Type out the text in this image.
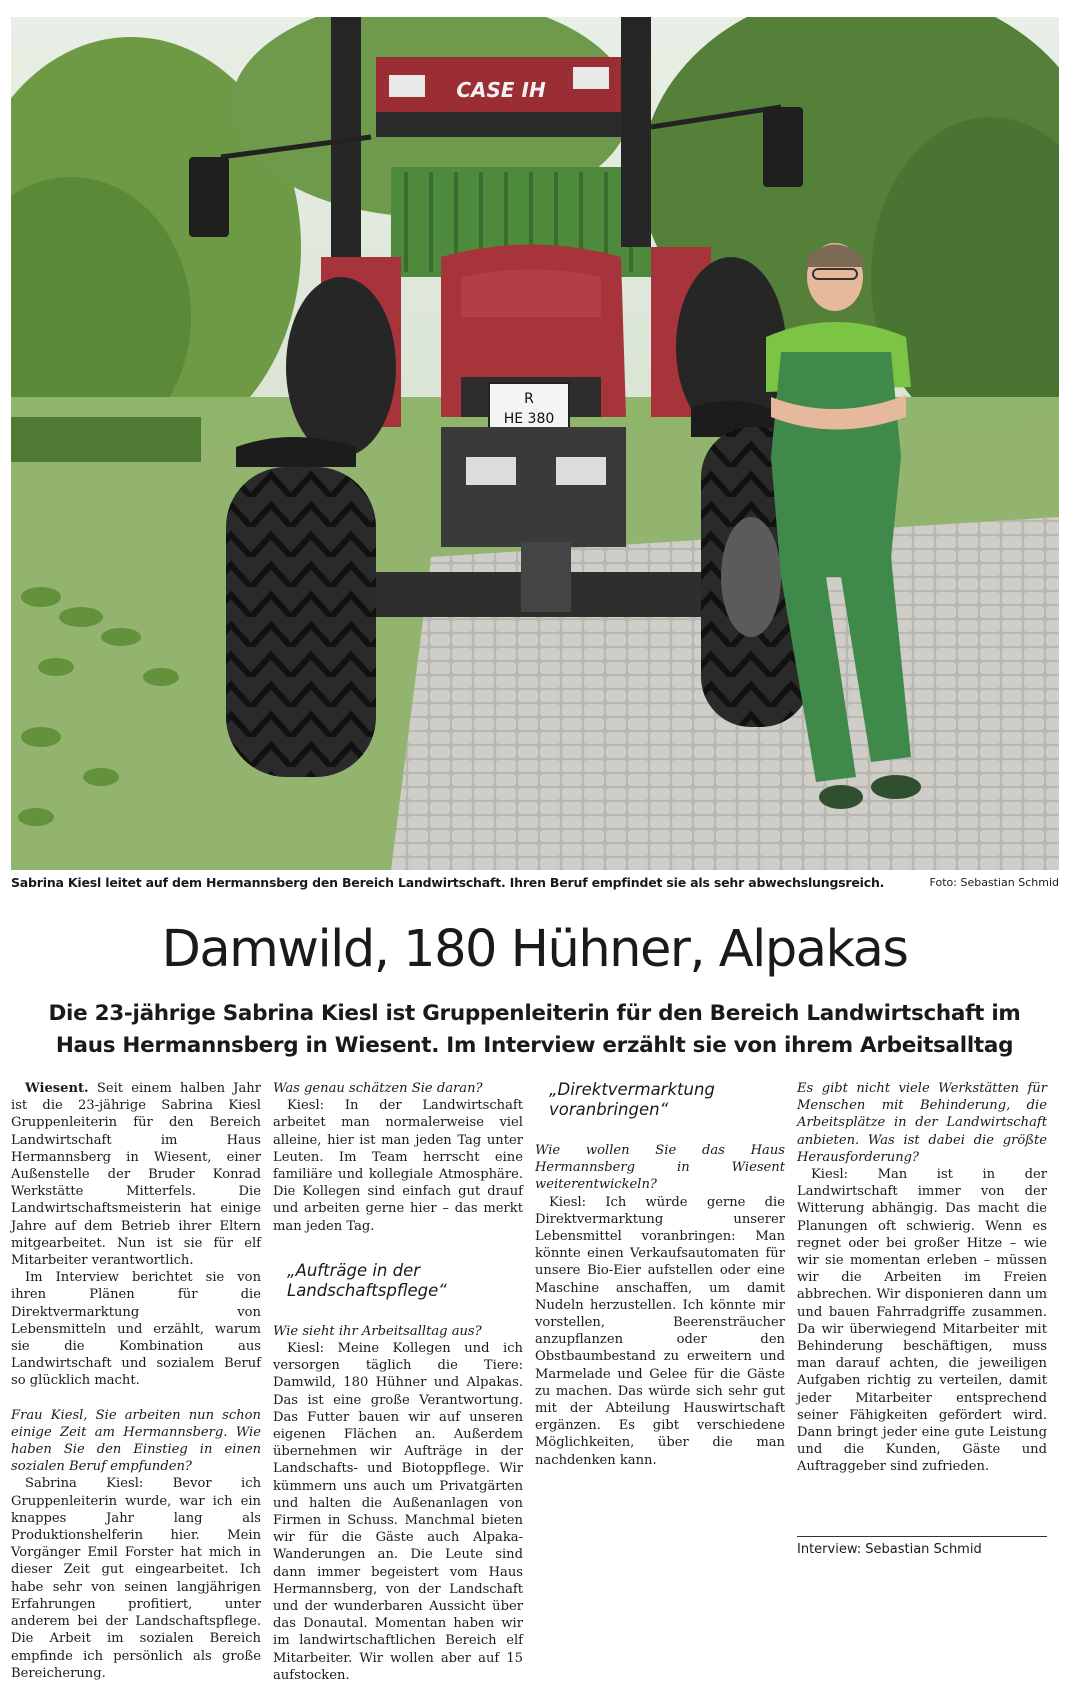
CASE IH
R
HE 380
Sabrina Kiesl leitet auf dem Hermannsberg den Bereich Landwirtschaft. Ihren Beruf empfindet sie als sehr abwechslungsreich.	Foto: Sebastian Schmid
Damwild, 180 Hühner, Alpakas
Die 23-jährige Sabrina Kiesl ist Gruppenleiterin für den Bereich Landwirtschaft im Haus Hermannsberg in Wiesent. Im Interview erzählt sie von ihrem Arbeitsalltag

Wiesent. Seit einem halben Jahr ist die 23-jährige Sabrina Kiesl Gruppenleiterin für den Bereich Landwirtschaft im Haus Hermannsberg in Wiesent, einer Außenstelle der Bruder Konrad Werkstätte Mitterfels. Die Landwirtschaftsmeisterin hat einige Jahre auf dem Betrieb ihrer Eltern mitgearbeitet. Nun ist sie für elf Mitarbeiter verantwortlich.

Im Interview berichtet sie von ihren Plänen für die Direktvermarktung von Lebensmitteln und erzählt, warum sie die Kombination aus Landwirtschaft und sozialem Beruf so glücklich macht.

Frau Kiesl, Sie arbeiten nun schon einige Zeit am Hermannsberg. Wie haben Sie den Einstieg in einen sozialen Beruf empfunden?

Sabrina Kiesl: Bevor ich Gruppenleiterin wurde, war ich ein knappes Jahr lang als Produktionshelferin hier. Mein Vorgänger Emil Forster hat mich in dieser Zeit gut eingearbeitet. Ich habe sehr von seinen langjährigen Erfahrungen profitiert, unter anderem bei der Landschaftspflege. Die Arbeit im sozialen Bereich empfinde ich persönlich als große Bereicherung.

Was genau schätzen Sie daran?

Kiesl: In der Landwirtschaft arbeitet man normalerweise viel alleine, hier ist man jeden Tag unter Leuten. Im Team herrscht eine familiäre und kollegiale Atmosphäre. Die Kollegen sind einfach gut drauf und arbeiten gerne hier – das merkt man jeden Tag.

„Aufträge in der Landschaftspflege“

Wie sieht ihr Arbeitsalltag aus?

Kiesl: Meine Kollegen und ich versorgen täglich die Tiere: Damwild, 180 Hühner und Alpakas. Das ist eine große Verantwortung. Das Futter bauen wir auf unseren eigenen Flächen an. Außerdem übernehmen wir Aufträge in der Landschafts- und Biotoppflege. Wir kümmern uns auch um Privatgärten und halten die Außenanlagen von Firmen in Schuss. Manchmal bieten wir für die Gäste auch Alpaka-Wanderungen an. Die Leute sind dann immer begeistert vom Haus Hermannsberg, von der Landschaft und der wunderbaren Aussicht über das Donautal. Momentan haben wir im landwirtschaftlichen Bereich elf Mitarbeiter. Wir wollen aber auf 15 aufstocken.

„Direktvermarktung voranbringen“

Wie wollen Sie das Haus Hermannsberg in Wiesent weiterentwickeln?

Kiesl: Ich würde gerne die Direktvermarktung unserer Lebensmittel voranbringen: Man könnte einen Verkaufsautomaten für unsere Bio-Eier aufstellen oder eine Maschine anschaffen, um damit Nudeln herzustellen. Ich könnte mir vorstellen, Beerensträucher anzupflanzen oder den Obstbaumbestand zu erweitern und Marmelade und Gelee für die Gäste zu machen. Das würde sich sehr gut mit der Abteilung Hauswirtschaft ergänzen. Es gibt verschiedene Möglichkeiten, über die man nachdenken kann.

Es gibt nicht viele Werkstätten für Menschen mit Behinderung, die Arbeitsplätze in der Landwirtschaft anbieten. Was ist dabei die größte Herausforderung?

Kiesl: Man ist in der Landwirtschaft immer von der Witterung abhängig. Das macht die Planungen oft schwierig. Wenn es regnet oder bei großer Hitze – wie wir sie momentan erleben – müssen wir die Arbeiten im Freien abbrechen. Wir disponieren dann um und bauen Fahrradgriffe zusammen. Da wir überwiegend Mitarbeiter mit Behinderung beschäftigen, muss man darauf achten, die jeweiligen Aufgaben richtig zu verteilen, damit jeder Mitarbeiter entsprechend seiner Fähigkeiten gefördert wird. Dann bringt jeder eine gute Leistung und die Kunden, Gäste und Auftraggeber sind zufrieden.

Interview: Sebastian Schmid
